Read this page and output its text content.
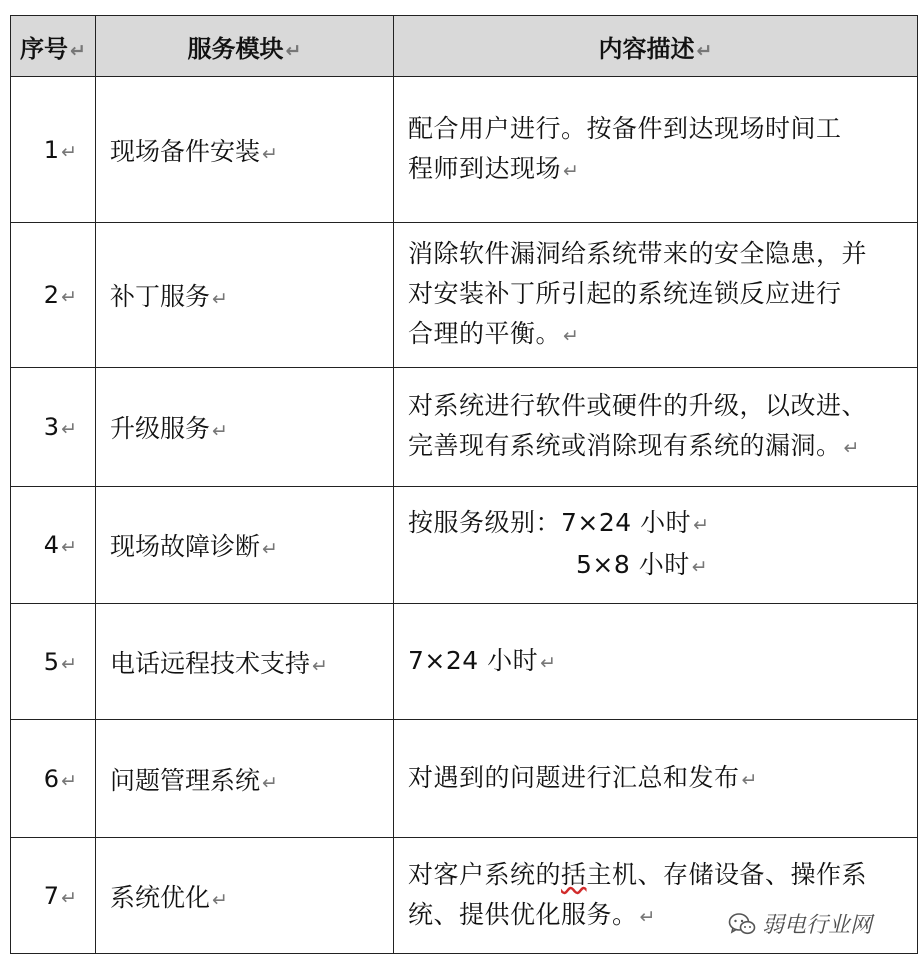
序号 ↵	服务模块 ↵	内容描述 ↵
1 ↵	现场备件安装 ↵	配合用户进行。按备件到达现场时间工
程师到达现场 ↵

2 ↵	补丁服务 ↵	消除软件漏洞给系统带来的安全隐患，并
对安装补丁所引起的系统连锁反应进行
合理的平衡。 ↵

3 ↵	升级服务 ↵	对系统进行软件或硬件的升级，以改进、
完善现有系统或消除现有系统的漏洞。 ↵

4 ↵	现场故障诊断 ↵	按服务级别：7×24 小时 ↵
5×8 小时 ↵

5 ↵	电话远程技术支持 ↵	7×24 小时 ↵

6 ↵	问题管理系统 ↵	对遇到的问题进行汇总和发布 ↵

7 ↵	系统优化 ↵	对客户系统的括主机、存储设备、操作系
统、提供优化服务。 ↵	弱电行业网
